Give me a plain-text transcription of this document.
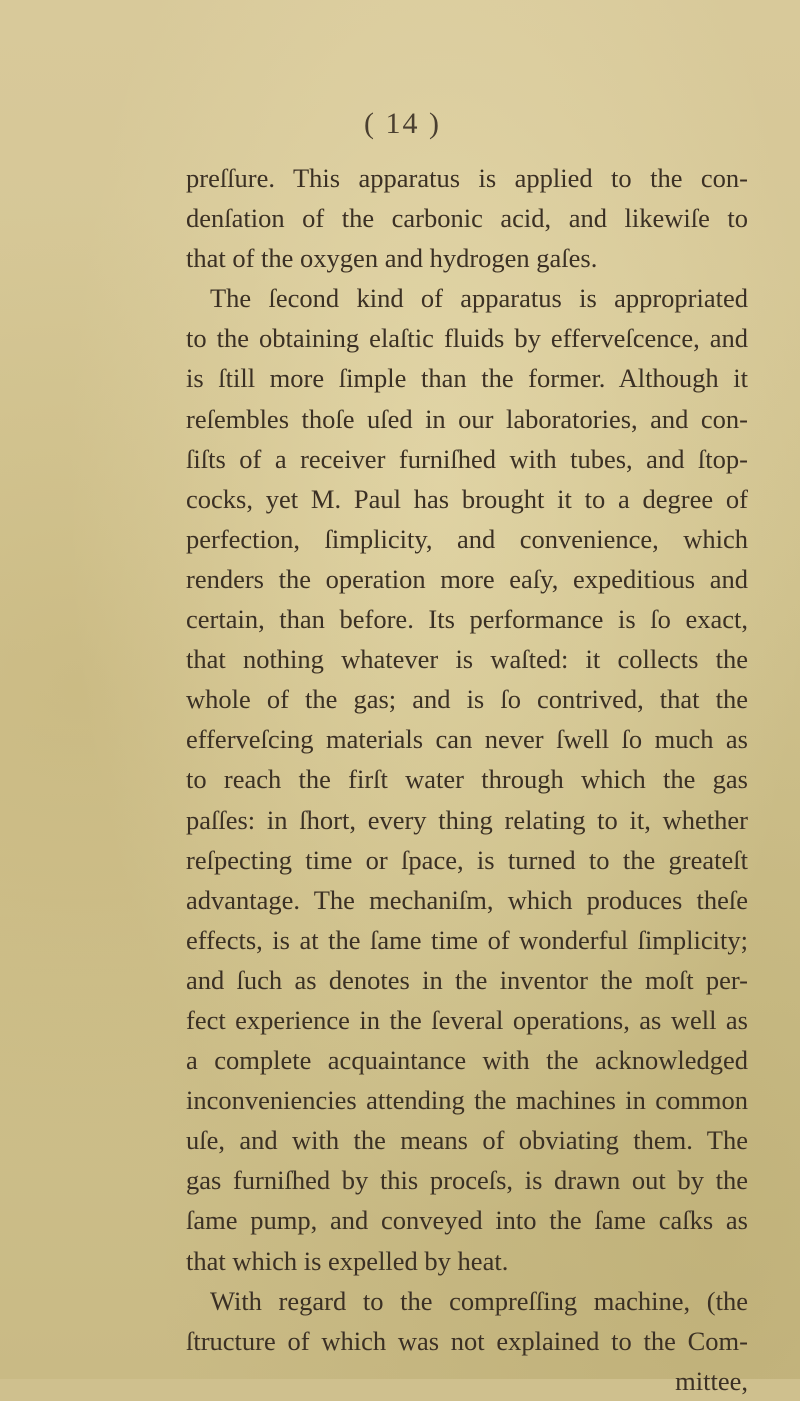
( 14 )
preſſure. This apparatus is applied to the con-
denſation of the carbonic acid, and likewiſe to
that of the oxygen and hydrogen gaſes.
The ſecond kind of apparatus is appropriated
to the obtaining elaſtic fluids by efferveſcence, and
is ſtill more ſimple than the former. Although it
reſembles thoſe uſed in our laboratories, and con-
ſiſts of a receiver furniſhed with tubes, and ſtop-
cocks, yet M. Paul has brought it to a degree of
perfection, ſimplicity, and convenience, which
renders the operation more eaſy, expeditious and
certain, than before. Its performance is ſo exact,
that nothing whatever is waſted: it collects the
whole of the gas; and is ſo contrived, that the
efferveſcing materials can never ſwell ſo much as
to reach the firſt water through which the gas
paſſes: in ſhort, every thing relating to it, whether
reſpecting time or ſpace, is turned to the greateſt
advantage. The mechaniſm, which produces theſe
effects, is at the ſame time of wonderful ſimplicity;
and ſuch as denotes in the inventor the moſt per-
fect experience in the ſeveral operations, as well as
a complete acquaintance with the acknowledged
inconveniencies attending the machines in common
uſe, and with the means of obviating them. The
gas furniſhed by this proceſs, is drawn out by the
ſame pump, and conveyed into the ſame caſks as
that which is expelled by heat.
With regard to the compreſſing machine, (the
ſtructure of which was not explained to the Com-
mittee,
